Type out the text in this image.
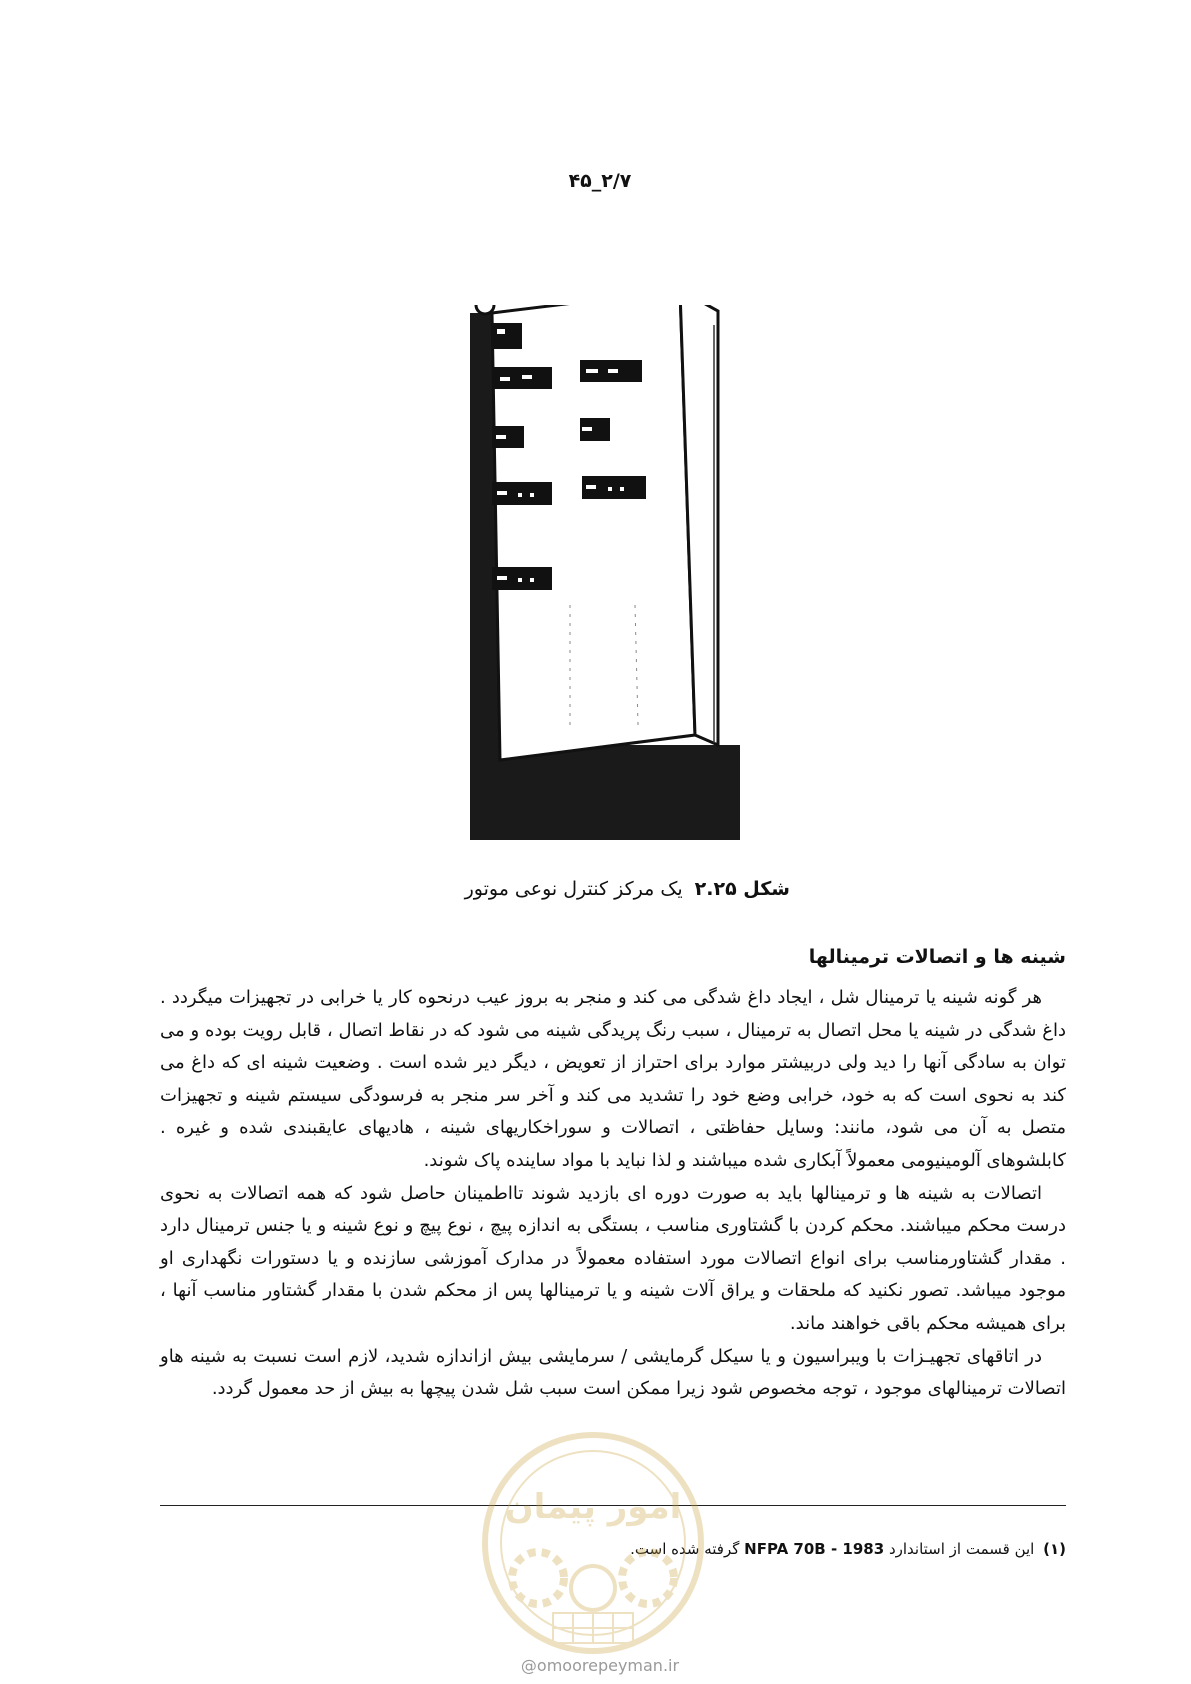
۴۵‌‌_۲/۷
شکل ۲.۲۵ یک مرکز کنترل نوعی موتور
شینه ها و اتصالات ترمینالها

هر گونه شینه یا ترمینال شل ، ایجاد داغ شدگی می کند و منجر به بروز عیب درنحوه کار یا خرابی در تجهیزات میگردد . داغ شدگی در شینه یا محل اتصال به ترمینال ، سبب رنگ پریدگی شینه می شود که در نقاط اتصال ، قابل رویت بوده و می توان به سادگی آنها را دید ولی دربیشتر موارد برای احتراز از تعویض ، دیگر دیر شده است . وضعیت شینه ای که داغ می کند به نحوی است که به خود، خرابی وضع خود را تشدید می کند و آخر سر منجر به فرسودگی سیستم شینه و تجهیزات متصل به آن می شود، مانند: وسایل حفاظتی ، اتصالات و سوراخکاریهای شینه ، هادیهای عایقبندی شده و غیره . کابلشوهای آلومینیومی معمولاً آبکاری شده میباشند و لذا نباید با مواد ساینده پاک شوند.

اتصالات به شینه ها و ترمینالها باید به صورت دوره ای بازدید شوند تااطمینان حاصل شود که همه اتصالات به نحوی درست محکم میباشند. محکم کردن با گشتاوری مناسب ، بستگی به اندازه پیچ ، نوع پیچ و نوع شینه و یا جنس ترمینال دارد . مقدار گشتاورمناسب برای انواع اتصالات مورد استفاده معمولاً در مدارک آموزشی سازنده و یا دستورات نگهداری او موجود میباشد. تصور نکنید که ملحقات و یراق آلات شینه و یا ترمینالها پس از محکم شدن با مقدار گشتاور مناسب آنها ، برای همیشه محکم باقی خواهند ماند.

در اتاقهای تجهیـزات با ویبراسیون و یا سیکل گرمایشی / سرمایشی بیش ازاندازه شدید، لازم است نسبت به شینه هاو اتصالات ترمینالهای موجود ، توجه مخصوص شود زیرا ممکن است سبب شل شدن پیچها به بیش از حد معمول گردد.

(۱) این قسمت از استاندارد NFPA 70B - 1983 گرفته شده است.
امور پیمان
@omoorepeyman.ir
